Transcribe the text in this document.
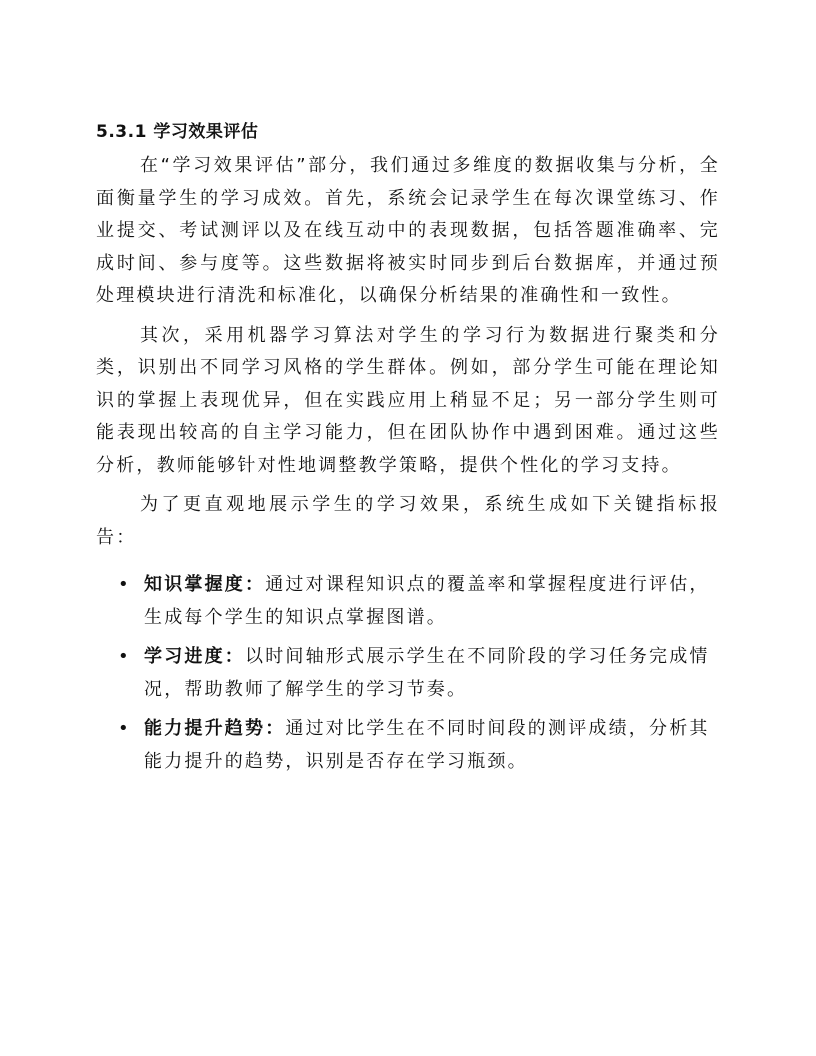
5.3.1 学习效果评估

在“学习效果评估”部分，我们通过多维度的数据收集与分析，全面衡量学生的学习成效。首先，系统会记录学生在每次课堂练习、作业提交、考试测评以及在线互动中的表现数据，包括答题准确率、完成时间、参与度等。这些数据将被实时同步到后台数据库，并通过预处理模块进行清洗和标准化，以确保分析结果的准确性和一致性。

其次，采用机器学习算法对学生的学习行为数据进行聚类和分类，识别出不同学习风格的学生群体。例如，部分学生可能在理论知识的掌握上表现优异，但在实践应用上稍显不足；另一部分学生则可能表现出较高的自主学习能力，但在团队协作中遇到困难。通过这些分析，教师能够针对性地调整教学策略，提供个性化的学习支持。

为了更直观地展示学生的学习效果，系统生成如下关键指标报告：

• 知识掌握度：通过对课程知识点的覆盖率和掌握程度进行评估，生成每个学生的知识点掌握图谱。
• 学习进度：以时间轴形式展示学生在不同阶段的学习任务完成情况，帮助教师了解学生的学习节奏。
• 能力提升趋势：通过对比学生在不同时间段的测评成绩，分析其能力提升的趋势，识别是否存在学习瓶颈。
